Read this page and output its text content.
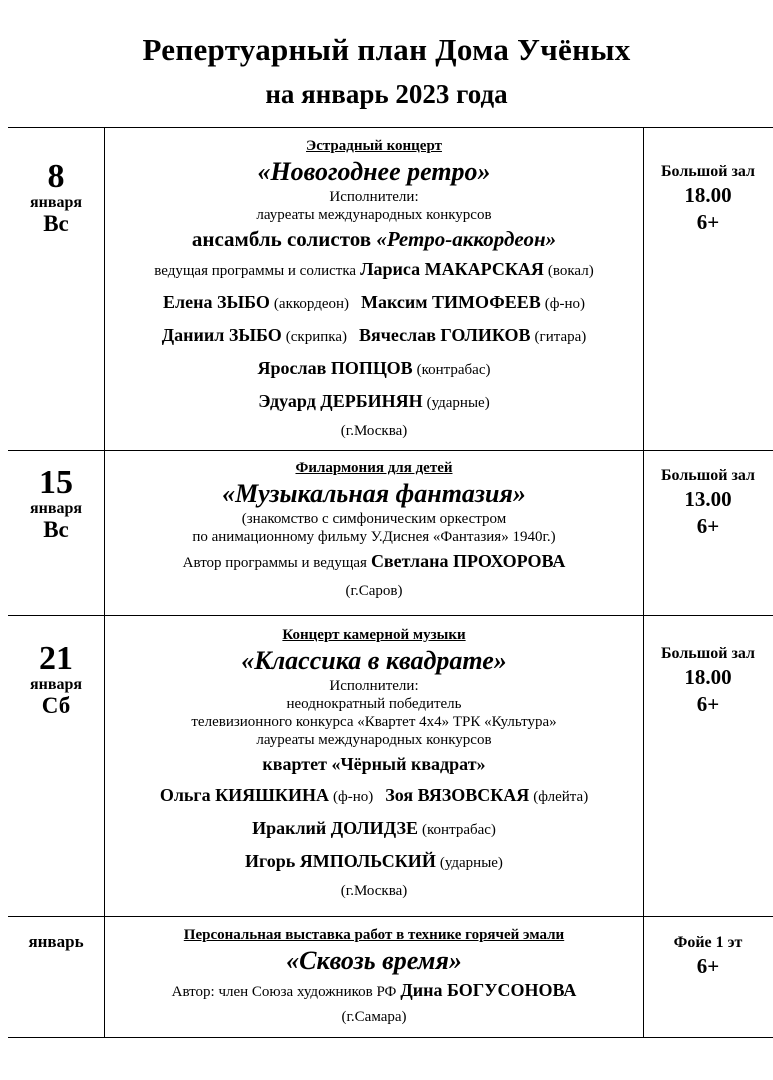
Репертуарный план Дома Учёных
на январь 2023 года
8
января
Вс
Эстрадный концерт
«Новогоднее ретро»
Исполнители:
лауреаты международных конкурсов
ансамбль солистов «Ретро-аккордеон»
ведущая программы и солистка Лариса МАКАРСКАЯ (вокал)
Елена ЗЫБО (аккордеон) Максим ТИМОФЕЕВ (ф-но)
Даниил ЗЫБО (скрипка) Вячеслав ГОЛИКОВ (гитара)
Ярослав ПОПЦОВ (контрабас)
Эдуард ДЕРБИНЯН (ударные)
(г.Москва)
Большой зал
18.00
6+
15
января
Вс
Филармония для детей
«Музыкальная фантазия»
(знакомство с симфоническим оркестром
по анимационному фильму У.Диснея «Фантазия» 1940г.)
Автор программы и ведущая Светлана ПРОХОРОВА
(г.Саров)
Большой зал
13.00
6+
21
января
Сб
Концерт камерной музыки
«Классика в квадрате»
Исполнители:
неоднократный победитель
телевизионного конкурса «Квартет 4х4» ТРК «Культура»
лауреаты международных конкурсов
квартет «Чёрный квадрат»
Ольга КИЯШКИНА (ф-но) Зоя ВЯЗОВСКАЯ (флейта)
Ираклий ДОЛИДЗЕ (контрабас)
Игорь ЯМПОЛЬСКИЙ (ударные)
(г.Москва)
Большой зал
18.00
6+
январь	Персональная выставка работ в технике горячей эмали
«Сквозь время»
Автор: член Союза художников РФ Дина БОГУСОНОВА
(г.Самара)
Фойе 1 эт
6+
